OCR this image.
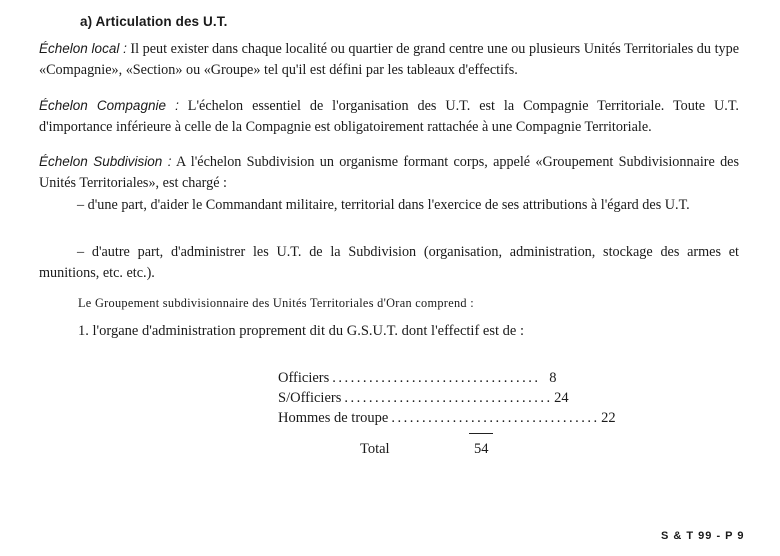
a) Articulation des U.T.
Échelon local : Il peut exister dans chaque localité ou quartier de grand centre une ou plusieurs Unités Territoriales du type «Compagnie», «Section» ou «Groupe» tel qu'il est défini par les tableaux d'effectifs.
Échelon Compagnie : L'échelon essentiel de l'organisation des U.T. est la Compagnie Territoriale. Toute U.T. d'importance inférieure à celle de la Compagnie est obligatoirement rattachée à une Compagnie Territoriale.
Échelon Subdivision : A l'échelon Subdivision un organisme formant corps, appelé «Groupement Subdivisionnaire des Unités Territoriales», est chargé :
– d'une part, d'aider le Commandant militaire, territorial dans l'exercice de ses attributions à l'égard des U.T.
– d'autre part, d'administrer les U.T. de la Subdivision (organisation, administration, stockage des armes et munitions, etc. etc.).
Le Groupement subdivisionnaire des Unités Territoriales d'Oran comprend :
1. l'organe d'administration proprement dit du G.S.U.T. dont l'effectif est de :
Officiers .................................. 8
S/Officiers .................................. 24
Hommes de troupe .................................. 22
Total	54
S & T 99 - P 9
